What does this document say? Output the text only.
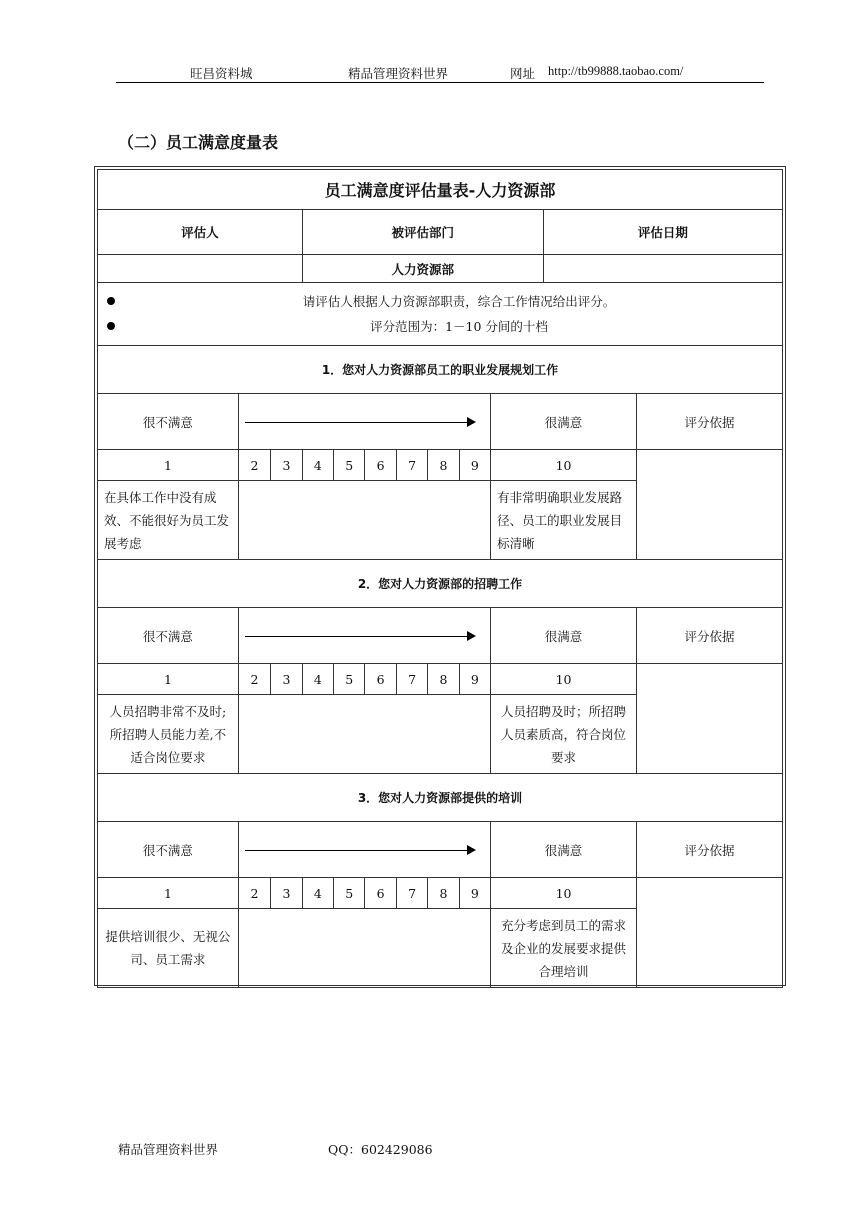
旺昌资料城	精品管理资料世界	网址 http://tb99888.taobao.com/
（二）员工满意度量表
员工满意度评估量表-人力资源部											
评估人			被评估部门							评估日期	
			人力资源部								

请评估人根据人力资源部职责，综合工作情况给出评分。
评分范围为：1－10 分间的十档											

1．您对人力资源部员工的职业发展规划工作											
很不满意									很满意		评分依据
1	2	3	4	5	6	7	8	9	10		

在具体工作中没有成效、不能很好为员工发展考虑									有非常明确职业发展路径、员工的职业发展目标清晰		

2．您对人力资源部的招聘工作											
很不满意									很满意		评分依据
1	2	3	4	5	6	7	8	9	10		

人员招聘非常不及时;所招聘人员能力差,不适合岗位要求									人员招聘及时；所招聘人员素质高，符合岗位要求		

3．您对人力资源部提供的培训											
很不满意									很满意		评分依据
1	2	3	4	5	6	7	8	9	10		

提供培训很少、无视公司、员工需求									充分考虑到员工的需求及企业的发展要求提供合理培训		
精品管理资料世界	QQ：602429086
